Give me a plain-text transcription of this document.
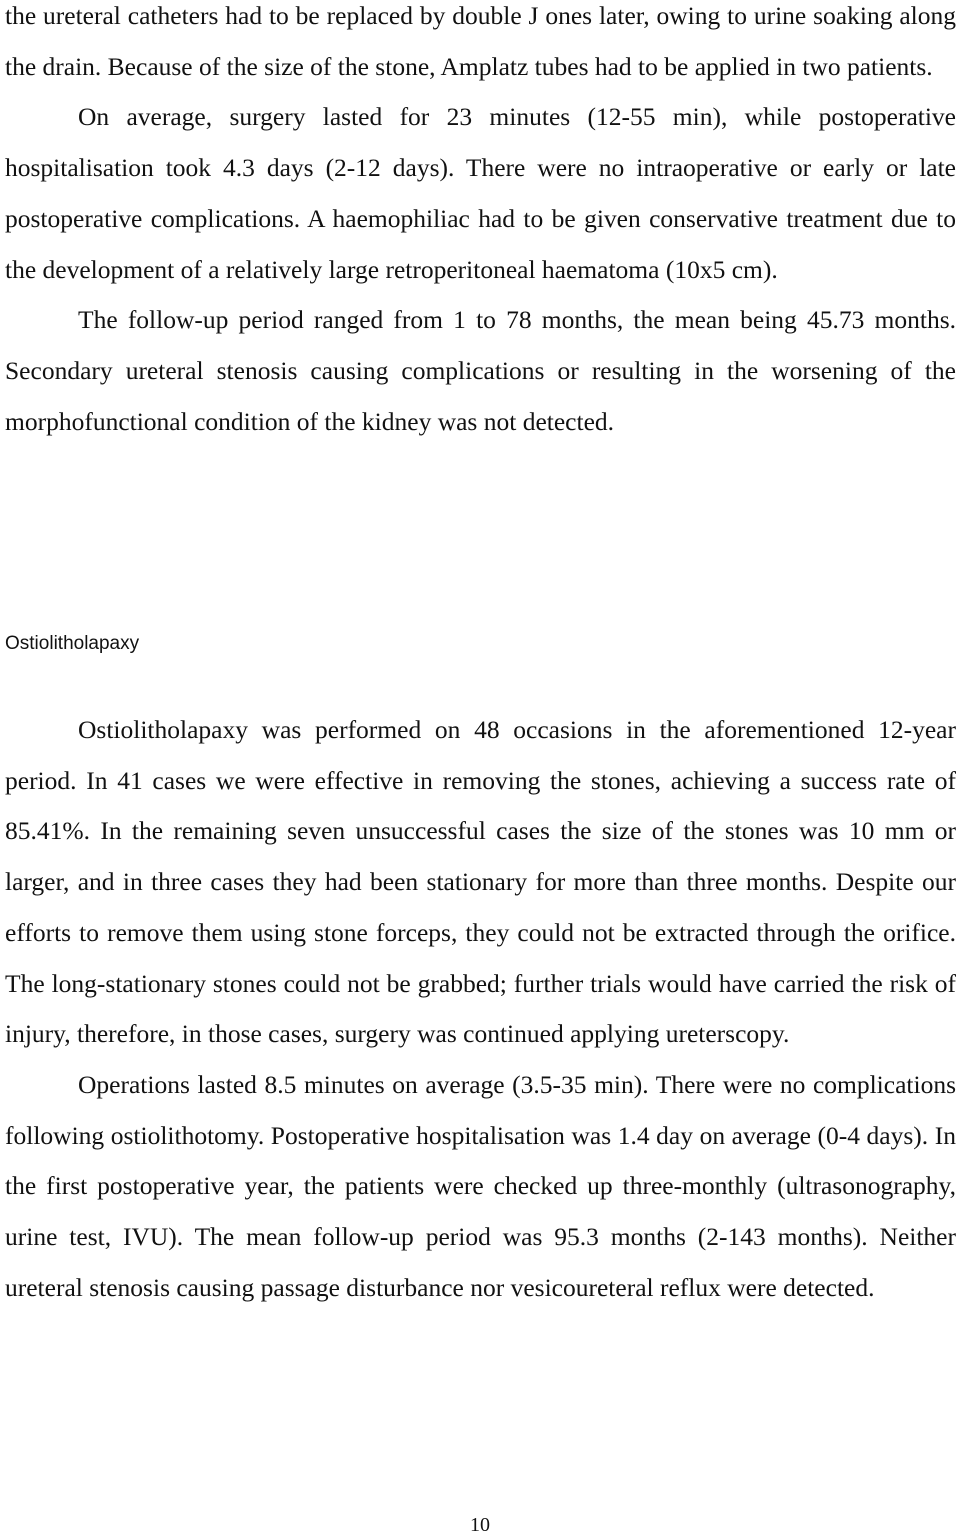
the ureteral catheters had to be replaced by double J ones later, owing to urine soaking along the drain. Because of the size of the stone, Amplatz tubes had to be applied in two patients.

On average, surgery lasted for 23 minutes (12-55 min), while postoperative hospitalisation took 4.3 days (2-12 days). There were no intraoperative or early or late postoperative complications. A haemophiliac had to be given conservative treatment due to the development of a relatively large retroperitoneal haematoma (10x5 cm).

The follow-up period ranged from 1 to 78 months, the mean being 45.73 months. Secondary ureteral stenosis causing complications or resulting in the worsening of the morphofunctional condition of the kidney was not detected.

Ostiolitholapaxy

Ostiolitholapaxy was performed on 48 occasions in the aforementioned 12-year period. In 41 cases we were effective in removing the stones, achieving a success rate of 85.41%. In the remaining seven unsuccessful cases the size of the stones was 10 mm or larger, and in three cases they had been stationary for more than three months. Despite our efforts to remove them using stone forceps, they could not be extracted through the orifice. The long-stationary stones could not be grabbed; further trials would have carried the risk of injury, therefore, in those cases, surgery was continued applying ureterscopy.

Operations lasted 8.5 minutes on average (3.5-35 min). There were no complications following ostiolithotomy. Postoperative hospitalisation was 1.4 day on average (0-4 days). In the first postoperative year, the patients were checked up three-monthly (ultrasonography, urine test, IVU). The mean follow-up period was 95.3 months (2-143 months). Neither ureteral stenosis causing passage disturbance nor vesicoureteral reflux were detected.

10
